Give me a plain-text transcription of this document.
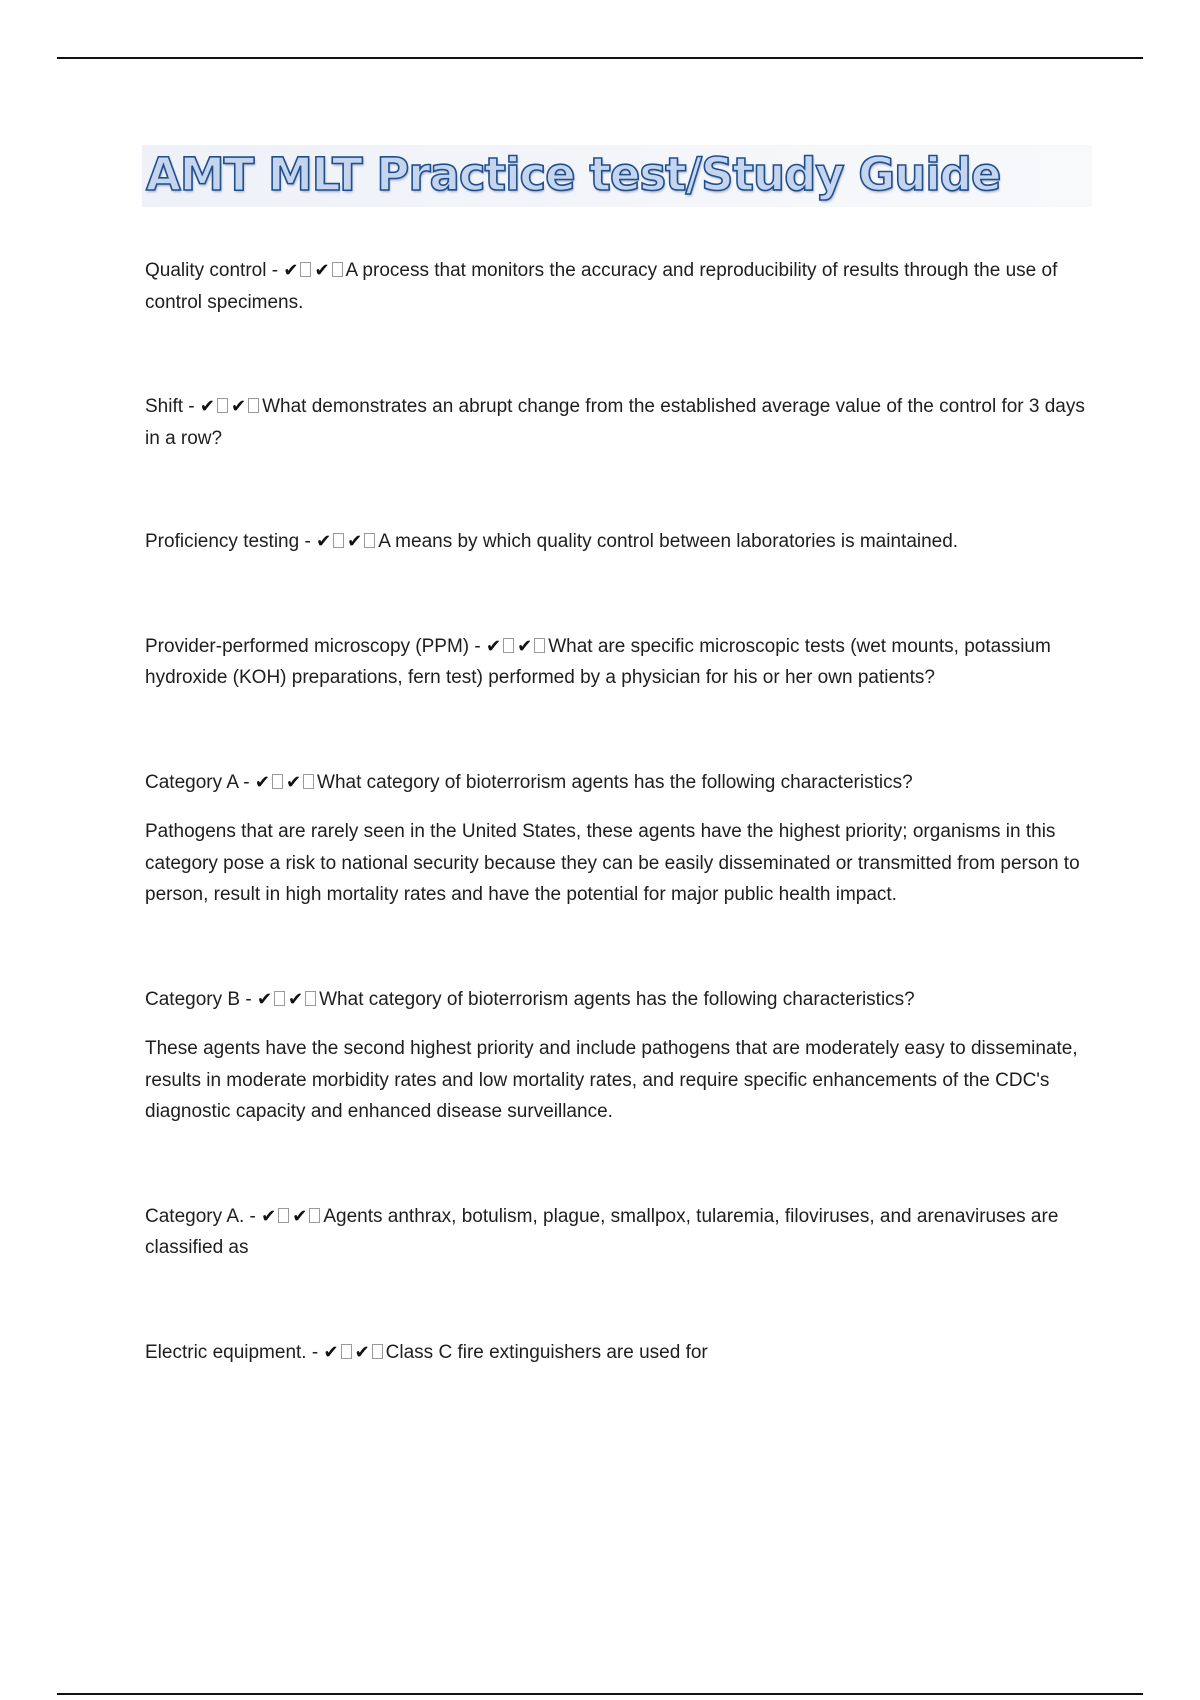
AMT MLT Practice test/Study Guide

Quality control - ✔ ✔ A process that monitors the accuracy and reproducibility of results through the use of control specimens.

Shift - ✔ ✔ What demonstrates an abrupt change from the established average value of the control for 3 days in a row?

Proficiency testing - ✔ ✔ A means by which quality control between laboratories is maintained.

Provider-performed microscopy (PPM) - ✔ ✔ What are specific microscopic tests (wet mounts, potassium hydroxide (KOH) preparations, fern test) performed by a physician for his or her own patients?

Category A - ✔ ✔ What category of bioterrorism agents has the following characteristics?

Pathogens that are rarely seen in the United States, these agents have the highest priority; organisms in this category pose a risk to national security because they can be easily disseminated or transmitted from person to person, result in high mortality rates and have the potential for major public health impact.

Category B - ✔ ✔ What category of bioterrorism agents has the following characteristics?

These agents have the second highest priority and include pathogens that are moderately easy to disseminate, results in moderate morbidity rates and low mortality rates, and require specific enhancements of the CDC's diagnostic capacity and enhanced disease surveillance.

Category A. - ✔ ✔ Agents anthrax, botulism, plague, smallpox, tularemia, filoviruses, and arenaviruses are classified as

Electric equipment. - ✔ ✔ Class C fire extinguishers are used for
